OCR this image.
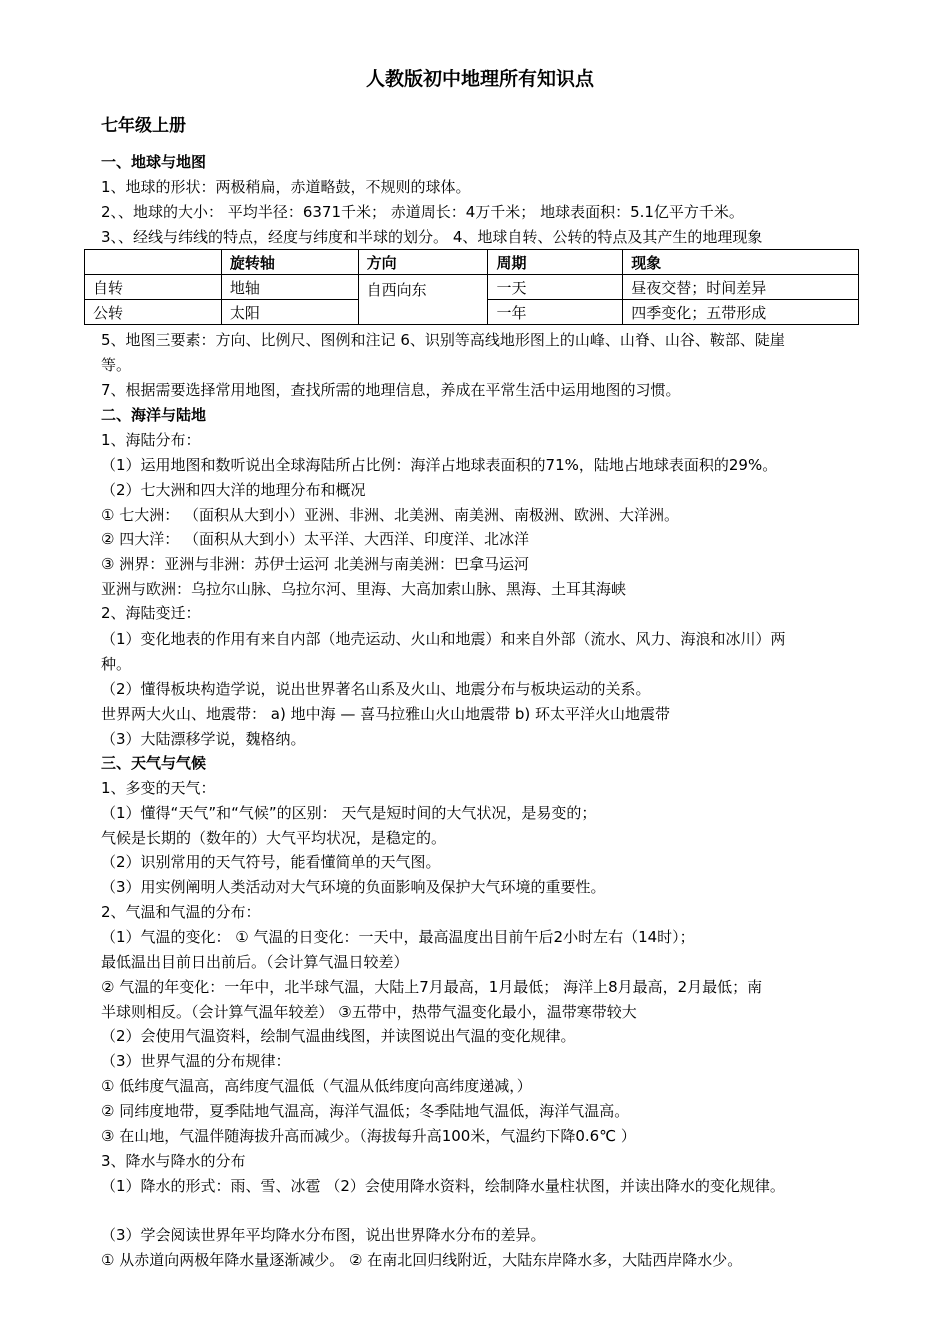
人教版初中地理所有知识点
七年级上册
一、地球与地图
1、地球的形状：两极稍扁，赤道略鼓，不规则的球体。
2、、地球的大小： 平均半径：6371千米； 赤道周长：4万千米； 地球表面积：5.1亿平方千米。
3、、经线与纬线的特点，经度与纬度和半球的划分。 4、地球自转、公转的特点及其产生的地理现象
	旋转轴	方向	周期	现象
自转	地轴	自西向东	一天	昼夜交替；时间差异
公转	太阳		一年	四季变化；五带形成
5、地图三要素：方向、比例尺、图例和注记 6、识别等高线地形图上的山峰、山脊、山谷、鞍部、陡崖
等。
7、根据需要选择常用地图，查找所需的地理信息，养成在平常生活中运用地图的习惯。
二、海洋与陆地
1、海陆分布：
（1）运用地图和数听说出全球海陆所占比例：海洋占地球表面积的71%，陆地占地球表面积的29%。
（2）七大洲和四大洋的地理分布和概况
① 七大洲： （面积从大到小）亚洲、非洲、北美洲、南美洲、南极洲、欧洲、大洋洲。
② 四大洋： （面积从大到小）太平洋、大西洋、印度洋、北冰洋
③ 洲界：亚洲与非洲：苏伊士运河 北美洲与南美洲：巴拿马运河
亚洲与欧洲：乌拉尔山脉、乌拉尔河、里海、大高加索山脉、黑海、土耳其海峡
2、海陆变迁：
（1）变化地表的作用有来自内部（地壳运动、火山和地震）和来自外部（流水、风力、海浪和冰川）两
种。
（2）懂得板块构造学说，说出世界著名山系及火山、地震分布与板块运动的关系。
世界两大火山、地震带： a) 地中海 — 喜马拉雅山火山地震带 b) 环太平洋火山地震带
（3）大陆漂移学说，魏格纳。
三、天气与气候
1、多变的天气：
（1）懂得“天气”和“气候”的区别： 天气是短时间的大气状况，是易变的；
气候是长期的（数年的）大气平均状况，是稳定的。
（2）识别常用的天气符号，能看懂简单的天气图。
（3）用实例阐明人类活动对大气环境的负面影响及保护大气环境的重要性。
2、气温和气温的分布：
（1）气温的变化： ① 气温的日变化：一天中，最高温度出目前午后2小时左右（14时）；
最低温出目前日出前后。（会计算气温日较差）
② 气温的年变化：一年中，北半球气温，大陆上7月最高，1月最低； 海洋上8月最高，2月最低；南
半球则相反。（会计算气温年较差） ③五带中，热带气温变化最小，温带寒带较大
（2）会使用气温资料，绘制气温曲线图，并读图说出气温的变化规律。
（3）世界气温的分布规律：
① 低纬度气温高，高纬度气温低（气温从低纬度向高纬度递减，）
② 同纬度地带，夏季陆地气温高，海洋气温低；冬季陆地气温低，海洋气温高。
③ 在山地，气温伴随海拔升高而减少。（海拔每升高100米，气温约下降0.6℃ ）
3、降水与降水的分布
（1）降水的形式：雨、雪、冰雹 （2）会使用降水资料，绘制降水量柱状图，并读出降水的变化规律。
（3）学会阅读世界年平均降水分布图，说出世界降水分布的差异。
① 从赤道向两极年降水量逐渐减少。 ② 在南北回归线附近，大陆东岸降水多，大陆西岸降水少。
